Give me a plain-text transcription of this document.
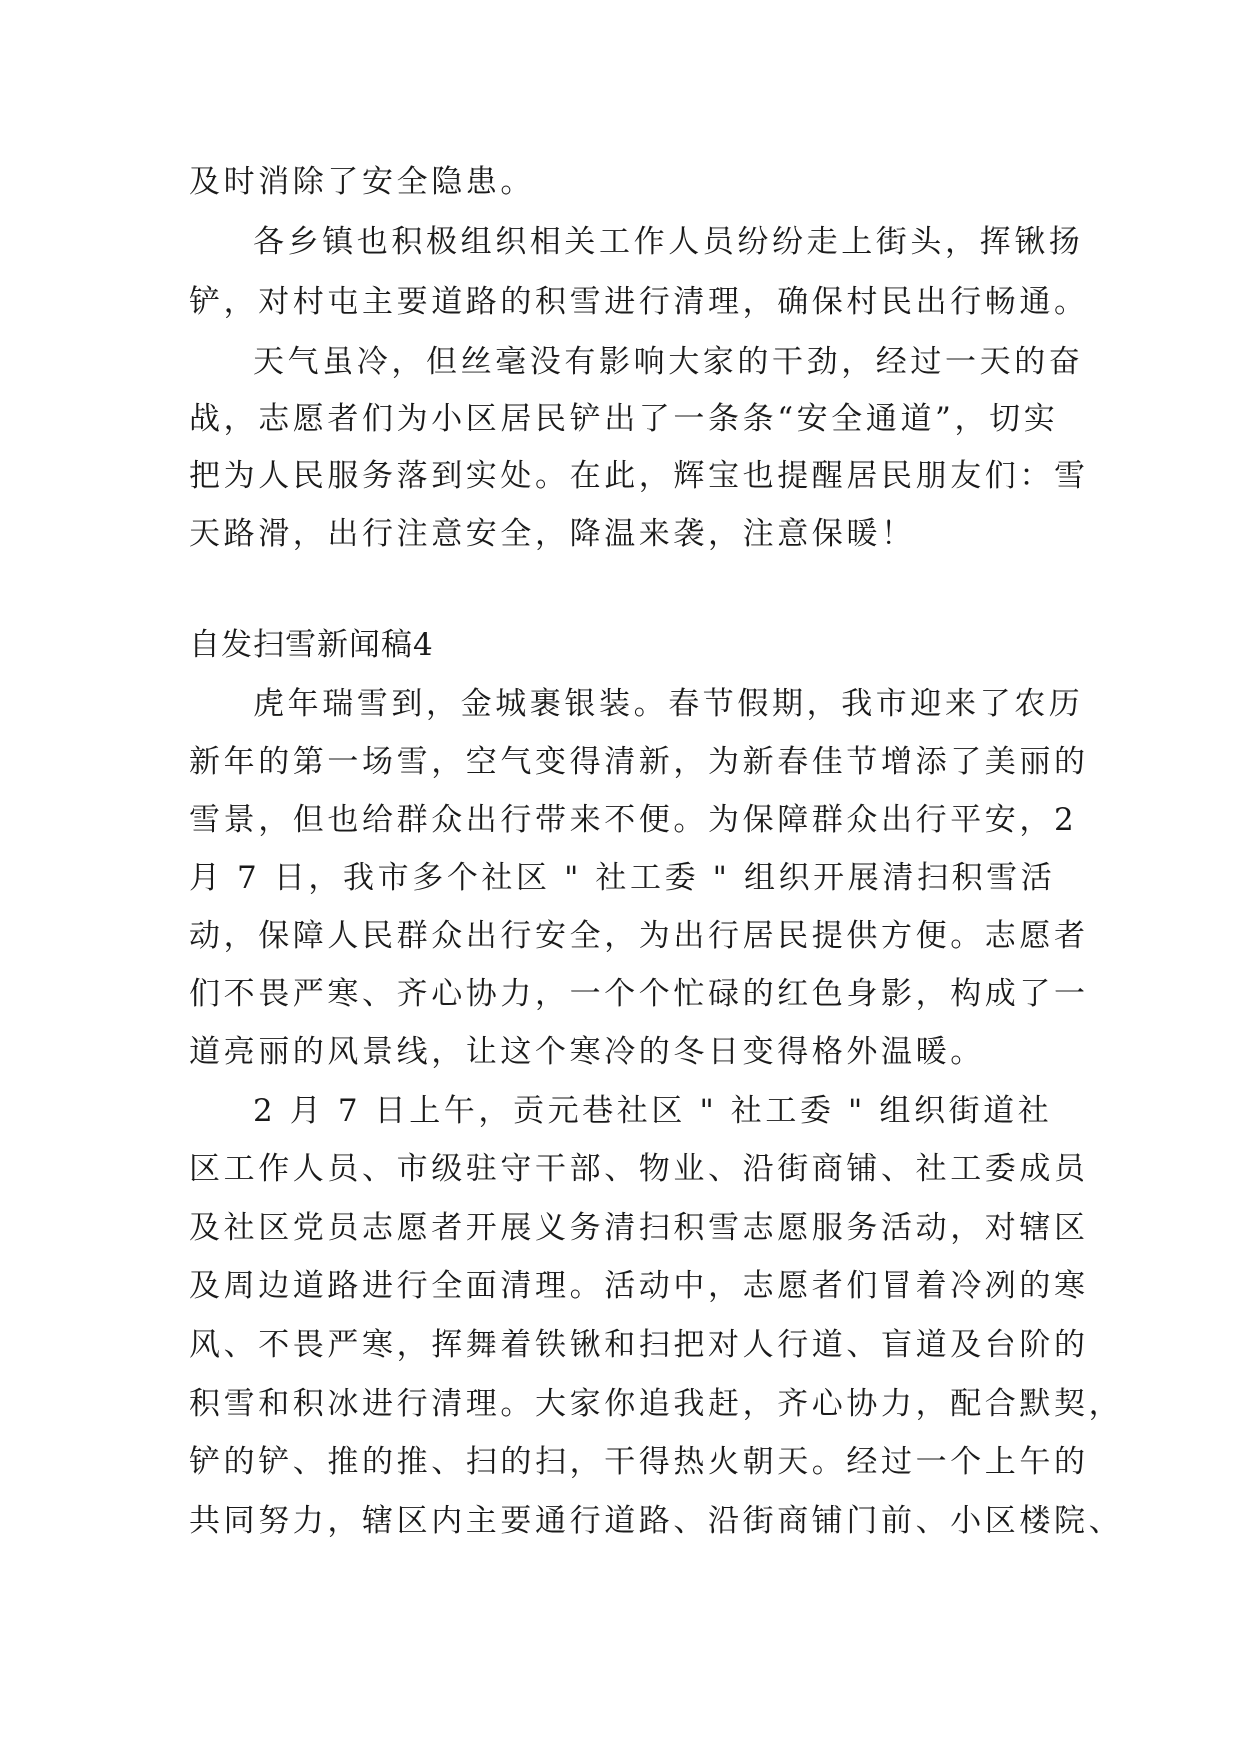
及时消除了安全隐患。
各乡镇也积极组织相关工作人员纷纷走上街头，挥锹扬
铲，对村屯主要道路的积雪进行清理，确保村民出行畅通。
天气虽冷，但丝毫没有影响大家的干劲，经过一天的奋
战，志愿者们为小区居民铲出了一条条“安全通道”，切实
把为人民服务落到实处。在此，辉宝也提醒居民朋友们：雪
天路滑，出行注意安全，降温来袭，注意保暖！
自发扫雪新闻稿4
虎年瑞雪到，金城裹银装。春节假期，我市迎来了农历
新年的第一场雪，空气变得清新，为新春佳节增添了美丽的
雪景，但也给群众出行带来不便。为保障群众出行平安，2
月 7 日，我市多个社区 " 社工委 " 组织开展清扫积雪活
动，保障人民群众出行安全，为出行居民提供方便。志愿者
们不畏严寒、齐心协力，一个个忙碌的红色身影，构成了一
道亮丽的风景线，让这个寒冷的冬日变得格外温暖。
2 月 7 日上午，贡元巷社区 " 社工委 " 组织街道社
区工作人员、市级驻守干部、物业、沿街商铺、社工委成员
及社区党员志愿者开展义务清扫积雪志愿服务活动，对辖区
及周边道路进行全面清理。活动中，志愿者们冒着冷冽的寒
风、不畏严寒，挥舞着铁锹和扫把对人行道、盲道及台阶的
积雪和积冰进行清理。大家你追我赶，齐心协力，配合默契，
铲的铲、推的推、扫的扫，干得热火朝天。经过一个上午的
共同努力，辖区内主要通行道路、沿街商铺门前、小区楼院、
